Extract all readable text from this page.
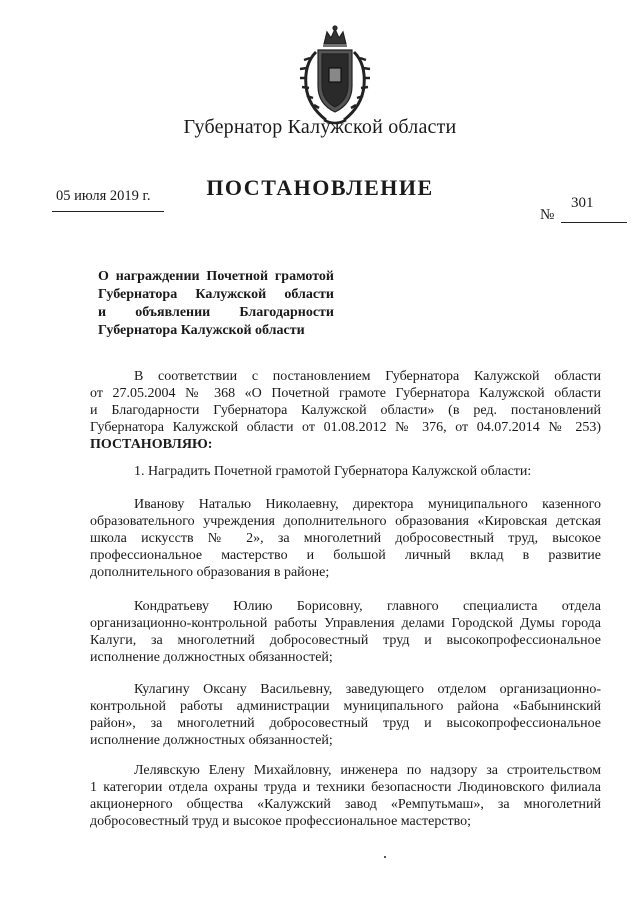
Губернатор Калужской области
05 июля 2019 г.	ПОСТАНОВЛЕНИЕ
301
№
О награждении Почетной грамотой
Губернатора Калужской области
и объявлении Благодарности
Губернатора Калужской области
В соответствии с постановлением Губернатора Калужской области
от 27.05.2004 № 368 «О Почетной грамоте Губернатора Калужской области
и Благодарности Губернатора Калужской области» (в ред. постановлений
Губернатора Калужской области от 01.08.2012 № 376, от 04.07.2014 № 253)
ПОСТАНОВЛЯЮ:
1. Наградить Почетной грамотой Губернатора Калужской области:
Иванову Наталью Николаевну, директора муниципального казенного
образовательного учреждения дополнительного образования «Кировская детская
школа искусств № 2», за многолетний добросовестный труд, высокое
профессиональное мастерство и большой личный вклад в развитие
дополнительного образования в районе;
Кондратьеву Юлию Борисовну, главного специалиста отдела
организационно-контрольной работы Управления делами Городской Думы города
Калуги, за многолетний добросовестный труд и высокопрофессиональное
исполнение должностных обязанностей;
Кулагину Оксану Васильевну, заведующего отделом организационно-
контрольной работы администрации муниципального района «Бабынинский
район», за многолетний добросовестный труд и высокопрофессиональное
исполнение должностных обязанностей;
Лелявскую Елену Михайловну, инженера по надзору за строительством
1 категории отдела охраны труда и техники безопасности Людиновского филиала
акционерного общества «Калужский завод «Ремпутьмаш», за многолетний
добросовестный труд и высокое профессиональное мастерство;
